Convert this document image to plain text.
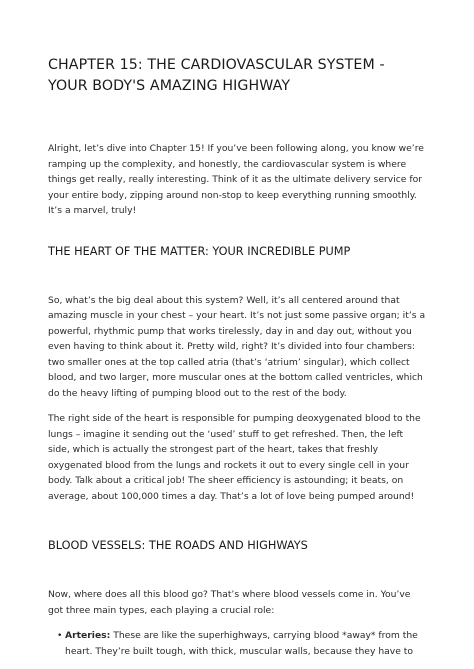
CHAPTER 15: THE CARDIOVASCULAR SYSTEM - YOUR BODY'S AMAZING HIGHWAY

Alright, let’s dive into Chapter 15! If you’ve been following along, you know we’re ramping up the complexity, and honestly, the cardiovascular system is where things get really, really interesting. Think of it as the ultimate delivery service for your entire body, zipping around non-stop to keep everything running smoothly. It’s a marvel, truly!

THE HEART OF THE MATTER: YOUR INCREDIBLE PUMP

So, what’s the big deal about this system? Well, it’s all centered around that amazing muscle in your chest – your heart. It’s not just some passive organ; it’s a powerful, rhythmic pump that works tirelessly, day in and day out, without you even having to think about it. Pretty wild, right? It’s divided into four chambers: two smaller ones at the top called atria (that’s ‘atrium’ singular), which collect blood, and two larger, more muscular ones at the bottom called ventricles, which do the heavy lifting of pumping blood out to the rest of the body.

The right side of the heart is responsible for pumping deoxygenated blood to the lungs – imagine it sending out the ‘used’ stuff to get refreshed. Then, the left side, which is actually the strongest part of the heart, takes that freshly oxygenated blood from the lungs and rockets it out to every single cell in your body. Talk about a critical job! The sheer efficiency is astounding; it beats, on average, about 100,000 times a day. That’s a lot of love being pumped around!

BLOOD VESSELS: THE ROADS AND HIGHWAYS

Now, where does all this blood go? That’s where blood vessels come in. You’ve got three main types, each playing a crucial role:

• Arteries: These are like the superhighways, carrying blood *away* from the heart. They’re built tough, with thick, muscular walls, because they have to
